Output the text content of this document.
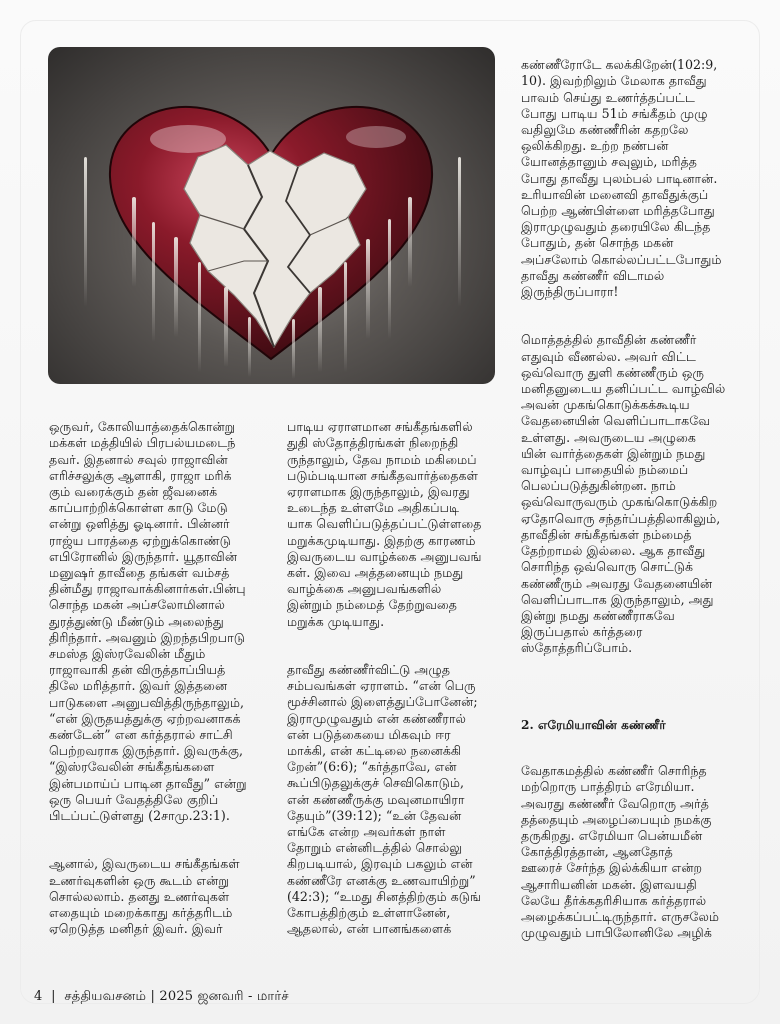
ஒருவர், கோலியாத்தைக்கொன்று
மக்கள் மத்தியில் பிரபல்யமடைந்
தவர். இதனால் சவுல் ராஜாவின்
எரிச்சலுக்கு ஆளாகி, ராஜா மரிக்
கும் வரைக்கும் தன் ஜீவனைக்
காப்பாற்றிக்கொள்ள காடு மேடு
என்று ஒளித்து ஓடினார். பின்னர்
ராஜ்ய பாரத்தை ஏற்றுக்கொண்டு
எபிரோனில் இருந்தார். யூதாவின்
மனுஷர் தாவீதை தங்கள் வம்சத்
தின்மீது ராஜாவாக்கினார்கள்.பின்பு
சொந்த மகன் அப்சலோமினால்
துரத்துண்டு மீண்டும் அலைந்து
திரிந்தார். அவனும் இறந்தபிறபாடு
சமஸ்த இஸ்ரவேலின் மீதும்
ராஜாவாகி தன் விருத்தாப்பியத்
திலே மரித்தார். இவர் இத்தனை
பாடுகளை அனுபவித்திருந்தாலும்,
“என் இருதயத்துக்கு ஏற்றவனாகக்
கண்டேன்” என கர்த்தரால் சாட்சி
பெற்றவராக இருந்தார். இவருக்கு,
“இஸ்ரவேலின் சங்கீதங்களை
இன்பமாய்ப் பாடின தாவீது” என்று
ஒரு பெயர் வேதத்திலே குறிப்
பிடப்பட்டுள்ளது (2சாமு.23:1).

ஆனால், இவருடைய சங்கீதங்கள்
உணர்வுகளின் ஒரு கூடம் என்று
சொல்லலாம். தனது உணர்வுகள்
எதையும் மறைக்காது கர்த்தரிடம்
ஏறெடுத்த மனிதர் இவர். இவர்

பாடிய ஏராளமான சங்கீதங்களில்
துதி ஸ்தோத்திரங்கள் நிறைந்தி
ருந்தாலும், தேவ நாமம் மகிமைப்
படும்படியான சங்கீதவார்த்தைகள்
ஏராளமாக இருந்தாலும், இவரது
உடைந்த உள்ளமே அதிகப்படி
யாக வெளிப்படுத்தப்பட்டுள்ளதை
மறுக்கமுடியாது. இதற்கு காரணம்
இவருடைய வாழ்க்கை அனுபவங்
கள். இவை அத்தனையும் நமது
வாழ்க்கை அனுபவங்களில்
இன்றும் நம்மைத் தேற்றுவதை
மறுக்க முடியாது.

தாவீது கண்ணீர்விட்டு அழுத
சம்பவங்கள் ஏராளம். “என் பெரு
மூச்சினால் இளைத்துப்போனேன்;
இராமுழுவதும் என் கண்ணீரால்
என் படுத்கையை மிகவும் ஈர
மாக்கி, என் கட்டிலை நனைக்கி
றேன்”(6:6); “கர்த்தாவே, என்
கூப்பிடுதலுக்குச் செவிகொடும்,
என் கண்ணீருக்கு மவுனமாயிரா
தேயும்”(39:12); “உன் தேவன்
எங்கே என்ற அவர்கள் நாள்
தோறும் என்னிடத்தில் சொல்லு
கிறபடியால், இரவும் பகலும் என்
கண்ணீரே எனக்கு உணவாயிற்று”
(42:3); “உமது சினத்திற்கும் கடுங்
கோபத்திற்கும் உள்ளானேன்,
ஆதலால், என் பானங்களைக்

கண்ணீரோடே கலக்கிறேன்(102:9,
10). இவற்றிலும் மேலாக தாவீது
பாவம் செய்து உணர்த்தப்பட்ட
போது பாடிய 51ம் சங்கீதம் முழு
வதிலுமே கண்ணீரின் கதறலே
ஒலிக்கிறது. உற்ற நண்பன்
யோனத்தானும் சவுலும், மரித்த
போது தாவீது புலம்பல் பாடினான்.
உரியாவின் மனைவி தாவீதுக்குப்
பெற்ற ஆண்பிள்ளை மரித்தபோது
இராமுழுவதும் தரையிலே கிடந்த
போதும், தன் சொந்த மகன்
அப்சலோம் கொல்லப்பட்டபோதும்
தாவீது கண்ணீர் விடாமல்
இருந்திருப்பாரா!

மொத்தத்தில் தாவீதின் கண்ணீர்
எதுவும் வீணல்ல. அவர் விட்ட
ஒவ்வொரு துளி கண்ணீரும் ஒரு
மனிதனுடைய தனிப்பட்ட வாழ்வில்
அவன் முகங்கொடுக்கக்கூடிய
வேதனையின் வெளிப்பாடாகவே
உள்ளது. அவருடைய அழுகை
யின் வார்த்தைகள் இன்றும் நமது
வாழ்வுப் பாதையில் நம்மைப்
பெலப்படுத்துகின்றன. நாம்
ஒவ்வொருவரும் முகங்கொடுக்கிற
ஏதோவொரு சந்தர்ப்பத்திலாகிலும்,
தாவீதின் சங்கீதங்கள் நம்மைத்
தேற்றாமல் இல்லை. ஆக தாவீது
சொரிந்த ஒவ்வொரு சொட்டுக்
கண்ணீரும் அவரது வேதனையின்
வெளிப்பாடாக இருந்தாலும், அது
இன்று நமது கண்ணீராகவே
இருப்பதால் கர்த்தரை
ஸ்தோத்தரிப்போம்.

2. எரேமியாவின் கண்ணீர்

வேதாகமத்தில் கண்ணீர் சொரிந்த
மற்றொரு பாத்திரம் எரேமியா.
அவரது கண்ணீர் வேறொரு அர்த்
தத்தையும் அழைப்பையும் நமக்கு
தருகிறது. எரேமியா பென்யமீன்
கோத்திரத்தான், ஆனதோத்
ஊரைச் சேர்ந்த இல்க்கியா என்ற
ஆசாரியனின் மகன். இளவயதி
லேயே தீர்க்கதரிசியாக கர்த்தரால்
அழைக்கப்பட்டிருந்தார். எருசலேம்
முழுவதும் பாபிலோனிலே அழிக்

4  |  சத்தியவசனம் | 2025 ஜனவரி - மார்ச்
